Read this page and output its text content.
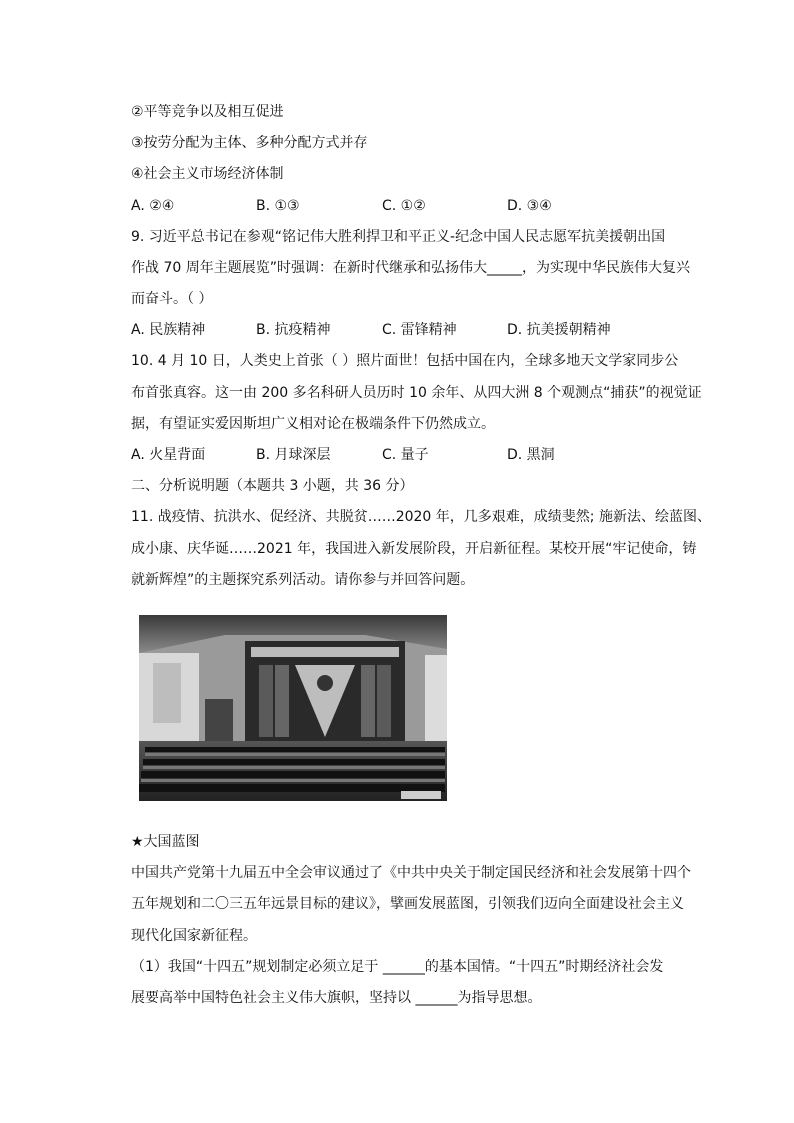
②平等竞争以及相互促进
③按劳分配为主体、多种分配方式并存
④社会主义市场经济体制
A. ②④	B. ①③	C. ①②	D. ③④
9. 习近平总书记在参观“铭记伟大胜利捍卫和平正义-纪念中国人民志愿军抗美援朝出国
作战 70 周年主题展览”时强调：在新时代继承和弘扬伟大_____，为实现中华民族伟大复兴
而奋斗。（ ）
A. 民族精神	B. 抗疫精神	C. 雷锋精神	D. 抗美援朝精神
10. 4 月 10 日，人类史上首张（ ）照片面世！包括中国在内，全球多地天文学家同步公
布首张真容。这一由 200 多名科研人员历时 10 余年、从四大洲 8 个观测点“捕获”的视觉证
据，有望证实爱因斯坦广义相对论在极端条件下仍然成立。
A. 火星背面	B. 月球深层	C. 量子	D. 黑洞
二、分析说明题（本题共 3 小题，共 36 分）
11. 战疫情、抗洪水、促经济、共脱贫……2020 年，几多艰难，成绩斐然; 施新法、绘蓝图、
成小康、庆华诞……2021 年，我国进入新发展阶段，开启新征程。某校开展“牢记使命，铸
就新辉煌”的主题探究系列活动。请你参与并回答问题。
★大国蓝图
中国共产党第十九届五中全会审议通过了《中共中央关于制定国民经济和社会发展第十四个
五年规划和二〇三五年远景目标的建议》，擘画发展蓝图，引领我们迈向全面建设社会主义
现代化国家新征程。
（1）我国“十四五”规划制定必须立足于 ______的基本国情。“十四五”时期经济社会发
展要高举中国特色社会主义伟大旗帜，坚持以 ______为指导思想。
